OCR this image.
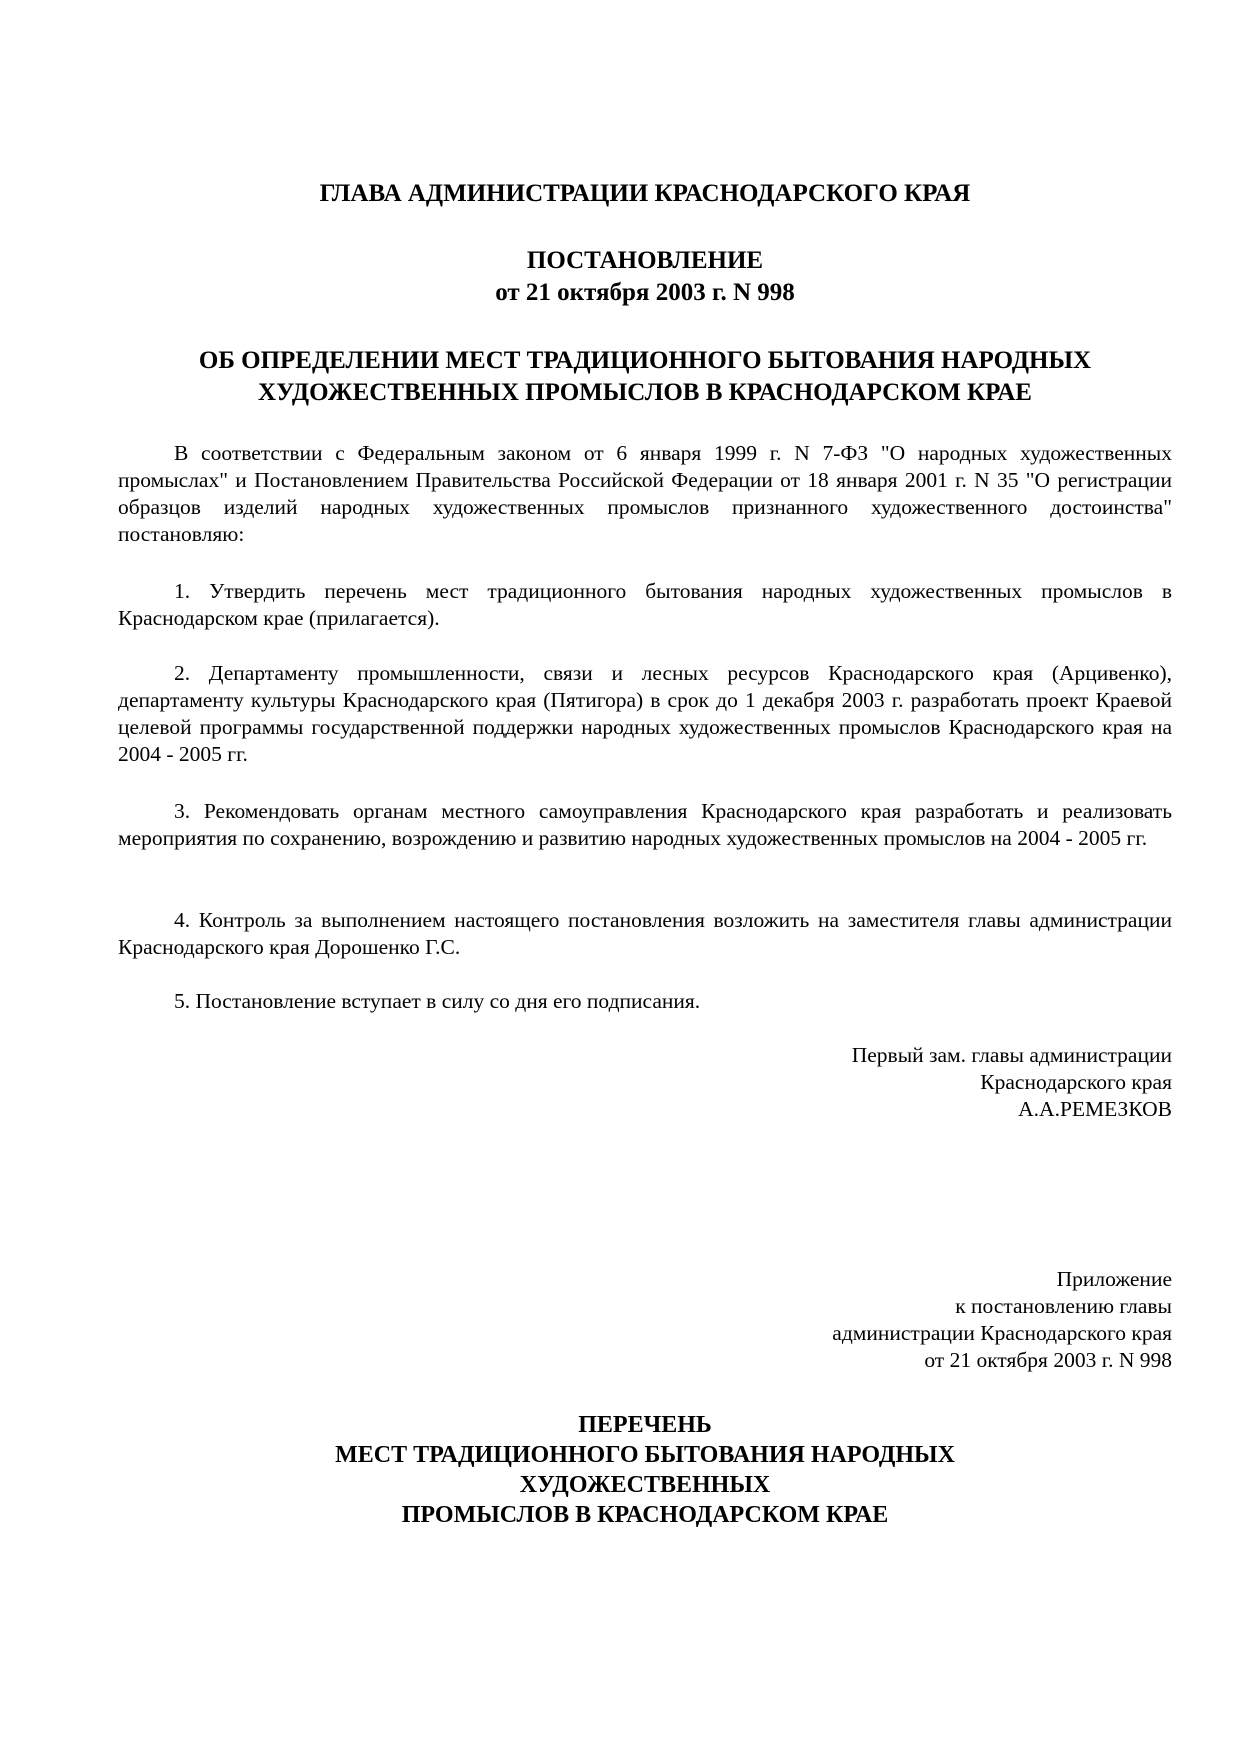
ГЛАВА АДМИНИСТРАЦИИ КРАСНОДАРСКОГО КРАЯ
ПОСТАНОВЛЕНИЕ
от 21 октября 2003 г. N 998
ОБ ОПРЕДЕЛЕНИИ МЕСТ ТРАДИЦИОННОГО БЫТОВАНИЯ НАРОДНЫХ
ХУДОЖЕСТВЕННЫХ ПРОМЫСЛОВ В КРАСНОДАРСКОМ КРАЕ

В соответствии с Федеральным законом от 6 января 1999 г. N 7-ФЗ "О народных художественных промыслах" и Постановлением Правительства Российской Федерации от 18 января 2001 г. N 35 "О регистрации образцов изделий народных художественных промыслов признанного художественного достоинства" постановляю:

1. Утвердить перечень мест традиционного бытования народных художественных промыслов в Краснодарском крае (прилагается).

2. Департаменту промышленности, связи и лесных ресурсов Краснодарского края (Арцивенко), департаменту культуры Краснодарского края (Пятигора) в срок до 1 декабря 2003 г. разработать проект Краевой целевой программы государственной поддержки народных художественных промыслов Краснодарского края на 2004 - 2005 гг.

3. Рекомендовать органам местного самоуправления Краснодарского края разработать и реализовать мероприятия по сохранению, возрождению и развитию народных художественных промыслов на 2004 - 2005 гг.

4. Контроль за выполнением настоящего постановления возложить на заместителя главы администрации Краснодарского края Дорошенко Г.С.

5. Постановление вступает в силу со дня его подписания.

Первый зам. главы администрации
Краснодарского края
А.А.РЕМЕЗКОВ
Приложение
к постановлению главы
администрации Краснодарского края
от 21 октября 2003 г. N 998
ПЕРЕЧЕНЬ
МЕСТ ТРАДИЦИОННОГО БЫТОВАНИЯ НАРОДНЫХ
ХУДОЖЕСТВЕННЫХ
ПРОМЫСЛОВ В КРАСНОДАРСКОМ КРАЕ
